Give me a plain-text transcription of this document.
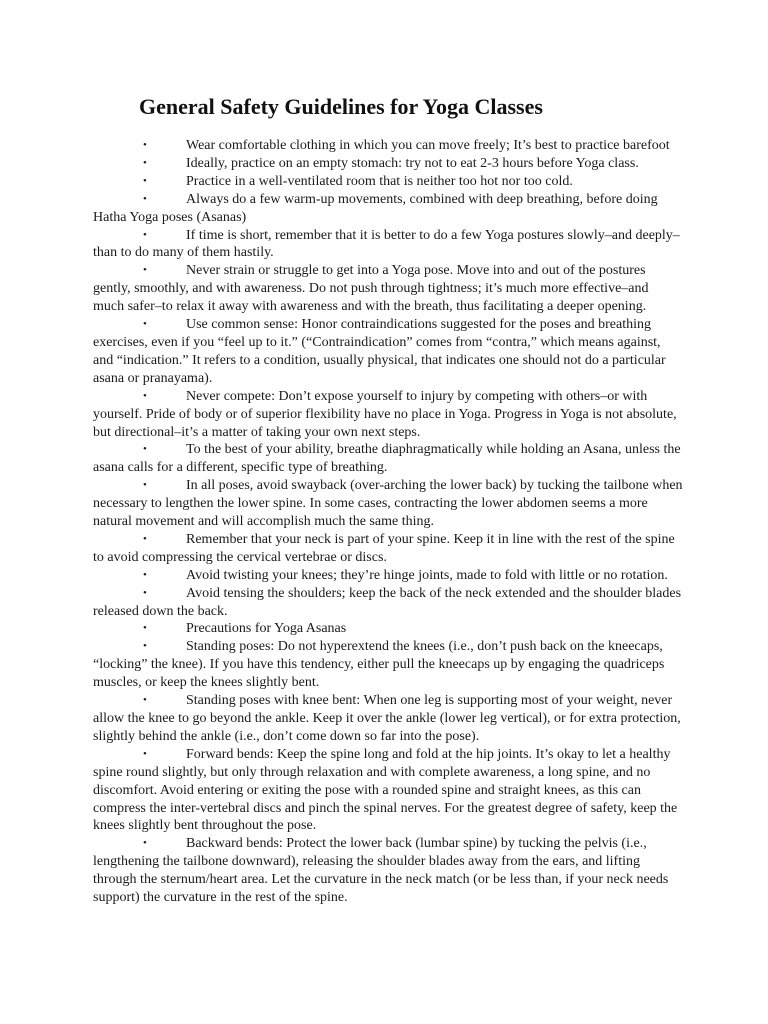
General Safety Guidelines for Yoga Classes
•	Wear comfortable clothing in which you can move freely; It’s best to practice barefoot
•	Ideally, practice on an empty stomach: try not to eat 2-3 hours before Yoga class.
•	Practice in a well-ventilated room that is neither too hot nor too cold.
•	Always do a few warm-up movements, combined with deep breathing, before doing Hatha Yoga poses (Asanas)
•	If time is short, remember that it is better to do a few Yoga postures slowly–and deeply– than to do many of them hastily.
•	Never strain or struggle to get into a Yoga pose. Move into and out of the postures gently, smoothly, and with awareness. Do not push through tightness; it’s much more effective–and much safer–to relax it away with awareness and with the breath, thus facilitating a deeper opening.
•	Use common sense: Honor contraindications suggested for the poses and breathing exercises, even if you “feel up to it.” (“Contraindication” comes from “contra,” which means against, and “indication.” It refers to a condition, usually physical, that indicates one should not do a particular asana or pranayama).
•	Never compete: Don’t expose yourself to injury by competing with others–or with yourself. Pride of body or of superior flexibility have no place in Yoga. Progress in Yoga is not absolute, but directional–it’s a matter of taking your own next steps.
•	To the best of your ability, breathe diaphragmatically while holding an Asana, unless the asana calls for a different, specific type of breathing.
•	In all poses, avoid swayback (over-arching the lower back) by tucking the tailbone when necessary to lengthen the lower spine. In some cases, contracting the lower abdomen seems a more natural movement and will accomplish much the same thing.
•	Remember that your neck is part of your spine. Keep it in line with the rest of the spine to avoid compressing the cervical vertebrae or discs.
•	Avoid twisting your knees; they’re hinge joints, made to fold with little or no rotation.
•	Avoid tensing the shoulders; keep the back of the neck extended and the shoulder blades released down the back.
•	Precautions for Yoga Asanas
•	Standing poses: Do not hyperextend the knees (i.e., don’t push back on the kneecaps, “locking” the knee). If you have this tendency, either pull the kneecaps up by engaging the quadriceps muscles, or keep the knees slightly bent.
•	Standing poses with knee bent: When one leg is supporting most of your weight, never allow the knee to go beyond the ankle. Keep it over the ankle (lower leg vertical), or for extra protection, slightly behind the ankle (i.e., don’t come down so far into the pose).
•	Forward bends: Keep the spine long and fold at the hip joints. It’s okay to let a healthy spine round slightly, but only through relaxation and with complete awareness, a long spine, and no discomfort. Avoid entering or exiting the pose with a rounded spine and straight knees, as this can compress the inter-vertebral discs and pinch the spinal nerves. For the greatest degree of safety, keep the knees slightly bent throughout the pose.
•	Backward bends: Protect the lower back (lumbar spine) by tucking the pelvis (i.e., lengthening the tailbone downward), releasing the shoulder blades away from the ears, and lifting through the sternum/heart area. Let the curvature in the neck match (or be less than, if your neck needs support) the curvature in the rest of the spine.
